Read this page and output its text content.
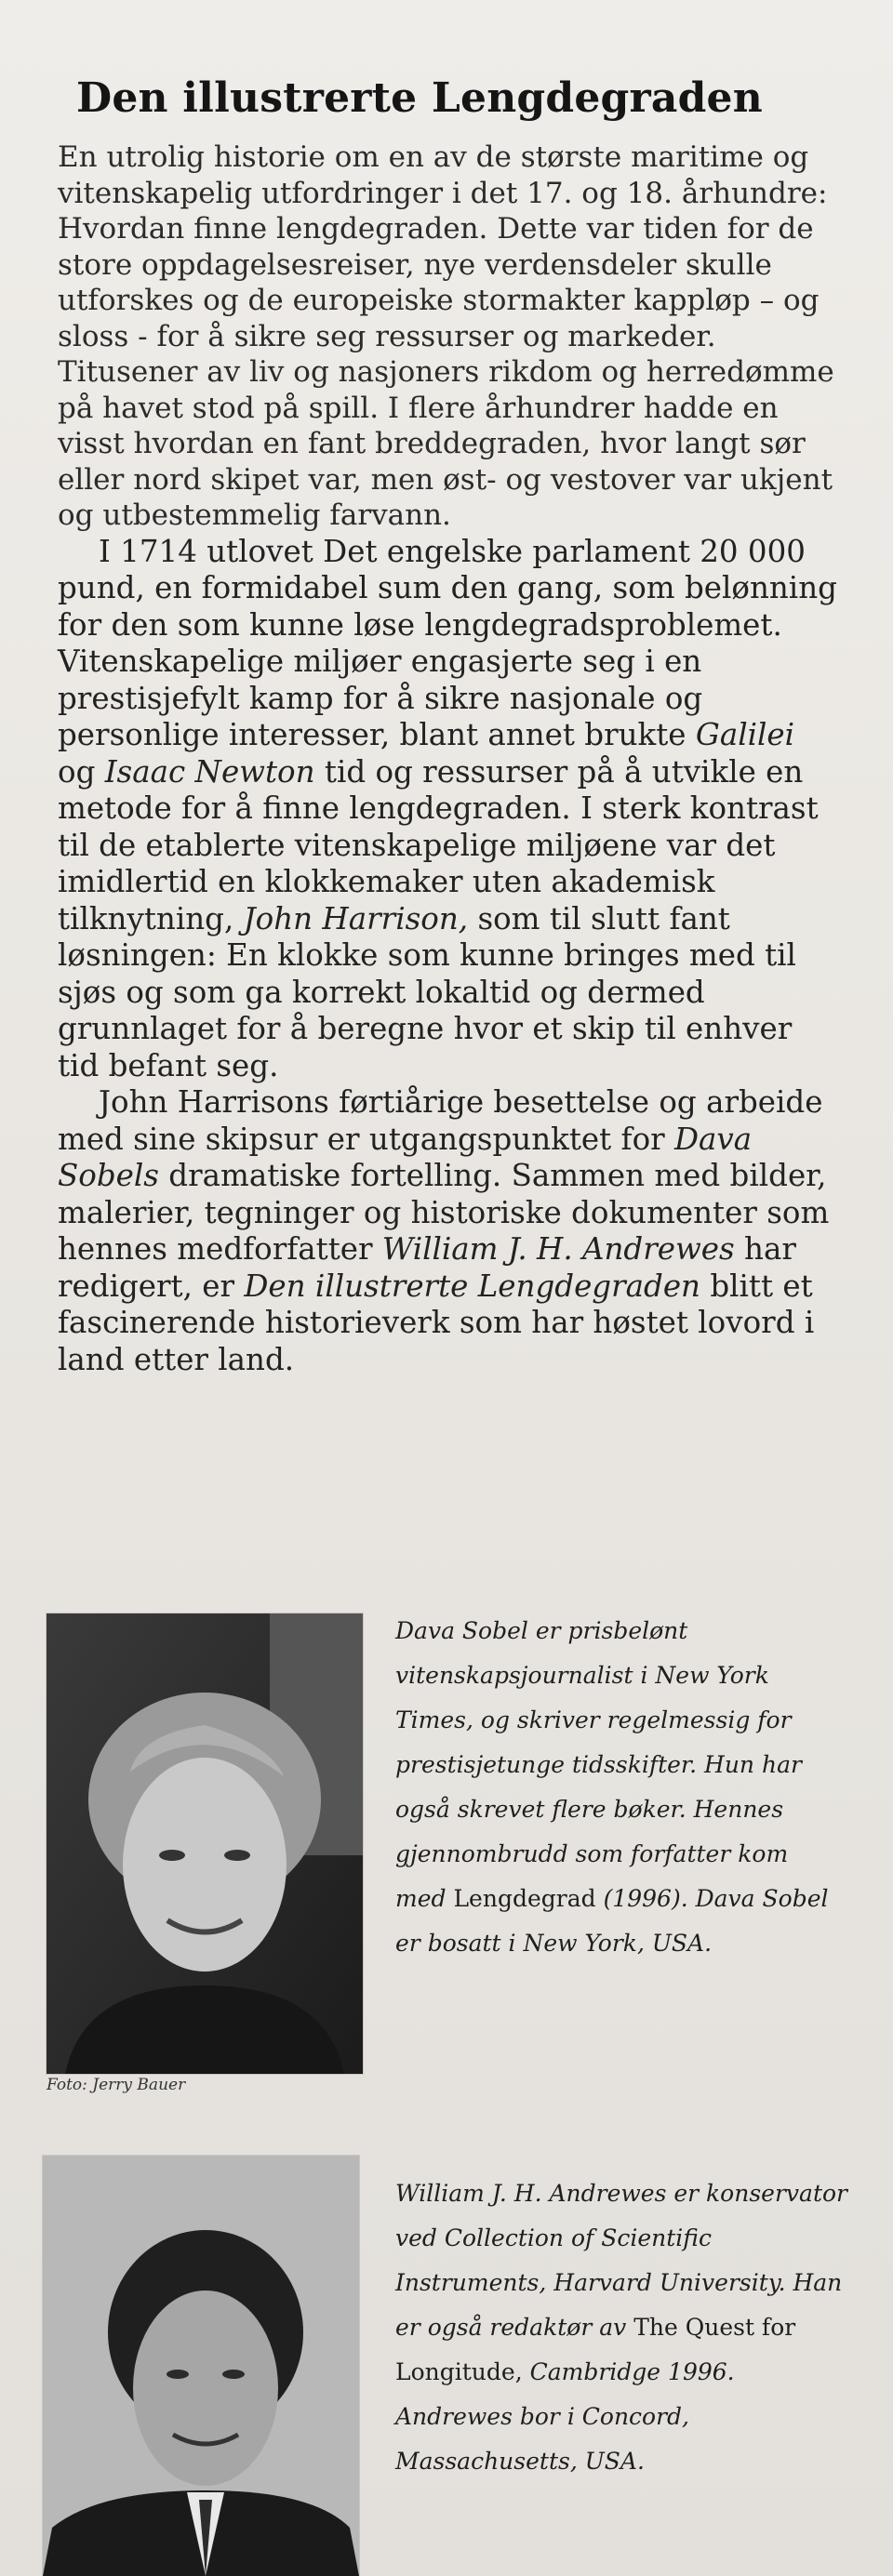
Den illustrerte Lengdegraden

En utrolig historie om en av de største maritime og vitenskapelig utfordringer i det 17. og 18. århundre: Hvordan finne lengdegraden. Dette var tiden for de store oppdagelsesreiser, nye verdensdeler skulle utforskes og de europeiske stormakter kappløp – og sloss - for å sikre seg ressurser og markeder. Titusener av liv og nasjoners rikdom og herredømme på havet stod på spill. I flere århundrer hadde en visst hvordan en fant breddegraden, hvor langt sør eller nord skipet var, men øst- og vestover var ukjent og utbestemmelig farvann.

I 1714 utlovet Det engelske parlament 20 000 pund, en formidabel sum den gang, som belønning for den som kunne løse lengdegradsproblemet. Vitenskapelige miljøer engasjerte seg i en prestisjefylt kamp for å sikre nasjonale og personlige interesser, blant annet brukte Galilei og Isaac Newton tid og ressurser på å utvikle en metode for å finne lengdegraden. I sterk kontrast til de etablerte vitenskapelige miljøene var det imidlertid en klokkemaker uten akademisk tilknytning, John Harrison, som til slutt fant løsningen: En klokke som kunne bringes med til sjøs og som ga korrekt lokaltid og dermed grunnlaget for å beregne hvor et skip til enhver tid befant seg.

John Harrisons førtiårige besettelse og arbeide med sine skipsur er utgangspunktet for Dava Sobels dramatiske fortelling. Sammen med bilder, malerier, tegninger og historiske dokumenter som hennes medforfatter William J. H. Andrewes har redigert, er Den illustrerte Lengdegraden blitt et fascinerende historieverk som har høstet lovord i land etter land.

Foto: Jerry Bauer
Dava Sobel er prisbelønt vitenskapsjournalist i New York Times, og skriver regelmessig for prestisjetunge tidsskifter. Hun har også skrevet flere bøker. Hennes gjennombrudd som forfatter kom med Lengdegrad (1996). Dava Sobel er bosatt i New York, USA.
William J. H. Andrewes er konservator ved Collection of Scientific Instruments, Harvard University. Han er også redaktør av The Quest for Longitude, Cambridge 1996.
Andrewes bor i Concord, Massachusetts, USA.
